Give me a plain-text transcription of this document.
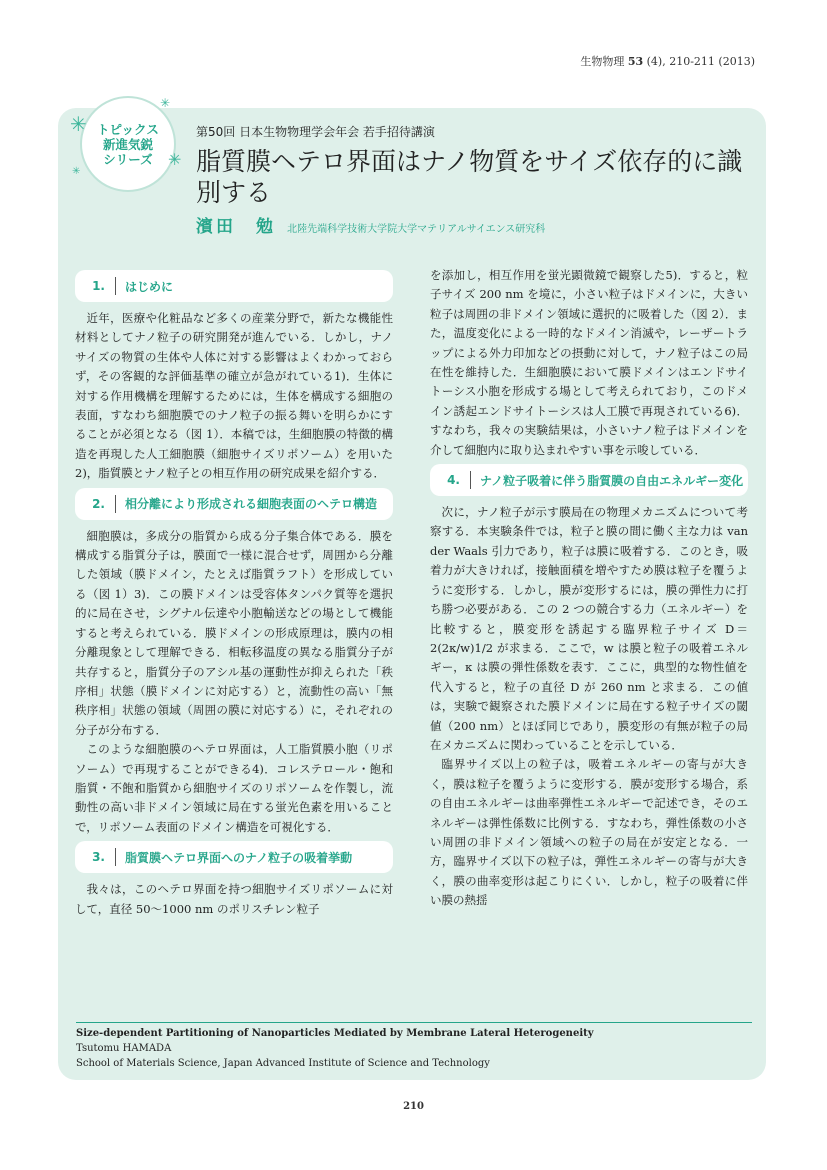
生物物理 53 (4), 210-211 (2013)
トピックス
新進気鋭
シリーズ
✳
✳
✳
✳
第50回 日本生物物理学会年会 若手招待講演
脂質膜ヘテロ界面はナノ物質をサイズ依存的に識別する
濱田　勉 北陸先端科学技術大学院大学マテリアルサイエンス研究科
1.	はじめに

近年，医療や化粧品など多くの産業分野で，新たな機能性材料としてナノ粒子の研究開発が進んでいる．しかし，ナノサイズの物質の生体や人体に対する影響はよくわかっておらず，その客観的な評価基準の確立が急がれている1)．生体に対する作用機構を理解するためには，生体を構成する細胞の表面，すなわち細胞膜でのナノ粒子の振る舞いを明らかにすることが必須となる（図 1）．本稿では，生細胞膜の特徴的構造を再現した人工細胞膜（細胞サイズリポソーム）を用いた2)，脂質膜とナノ粒子との相互作用の研究成果を紹介する．

2.	相分離により形成される細胞表面のヘテロ構造

細胞膜は，多成分の脂質から成る分子集合体である．膜を構成する脂質分子は，膜面で一様に混合せず，周囲から分離した領域（膜ドメイン，たとえば脂質ラフト）を形成している（図 1）3)．この膜ドメインは受容体タンパク質等を選択的に局在させ，シグナル伝達や小胞輸送などの場として機能すると考えられている．膜ドメインの形成原理は，膜内の相分離現象として理解できる．相転移温度の異なる脂質分子が共存すると，脂質分子のアシル基の運動性が抑えられた「秩序相」状態（膜ドメインに対応する）と，流動性の高い「無秩序相」状態の領域（周囲の膜に対応する）に，それぞれの分子が分布する．

このような細胞膜のヘテロ界面は，人工脂質膜小胞（リポソーム）で再現することができる4)．コレステロール・飽和脂質・不飽和脂質から細胞サイズのリポソームを作製し，流動性の高い非ドメイン領域に局在する蛍光色素を用いることで，リポソーム表面のドメイン構造を可視化する．

3.	脂質膜ヘテロ界面へのナノ粒子の吸着挙動

我々は，このヘテロ界面を持つ細胞サイズリポソームに対して，直径 50～1000 nm のポリスチレン粒子

を添加し，相互作用を蛍光顕微鏡で観察した5)．すると，粒子サイズ 200 nm を境に，小さい粒子はドメインに，大きい粒子は周囲の非ドメイン領域に選択的に吸着した（図 2）．また，温度変化による一時的なドメイン消滅や，レーザートラップによる外力印加などの摂動に対して，ナノ粒子はこの局在性を維持した．生細胞膜において膜ドメインはエンドサイトーシス小胞を形成する場として考えられており，このドメイン誘起エンドサイトーシスは人工膜で再現されている6)．すなわち，我々の実験結果は，小さいナノ粒子はドメインを介して細胞内に取り込まれやすい事を示唆している．

4.	ナノ粒子吸着に伴う脂質膜の自由エネルギー変化

次に，ナノ粒子が示す膜局在の物理メカニズムについて考察する．本実験条件では，粒子と膜の間に働く主な力は van der Waals 引力であり，粒子は膜に吸着する．このとき，吸着力が大きければ，接触面積を増やすため膜は粒子を覆うように変形する．しかし，膜が変形するには，膜の弾性力に打ち勝つ必要がある．この 2 つの競合する力（エネルギー）を比較すると，膜変形を誘起する臨界粒子サイズ D＝2(2κ/w)1/2 が求まる．ここで，w は膜と粒子の吸着エネルギー，κ は膜の弾性係数を表す．ここに，典型的な物性値を代入すると，粒子の直径 D が 260 nm と求まる．この値は，実験で観察された膜ドメインに局在する粒子サイズの閾値（200 nm）とほぼ同じであり，膜変形の有無が粒子の局在メカニズムに関わっていることを示している．

臨界サイズ以上の粒子は，吸着エネルギーの寄与が大きく，膜は粒子を覆うように変形する．膜が変形する場合，系の自由エネルギーは曲率弾性エネルギーで記述でき，そのエネルギーは弾性係数に比例する．すなわち，弾性係数の小さい周囲の非ドメイン領域への粒子の局在が安定となる．一方，臨界サイズ以下の粒子は，弾性エネルギーの寄与が大きく，膜の曲率変形は起こりにくい．しかし，粒子の吸着に伴い膜の熱揺

Size-dependent Partitioning of Nanoparticles Mediated by Membrane Lateral Heterogeneity
Tsutomu HAMADA
School of Materials Science, Japan Advanced Institute of Science and Technology
210
